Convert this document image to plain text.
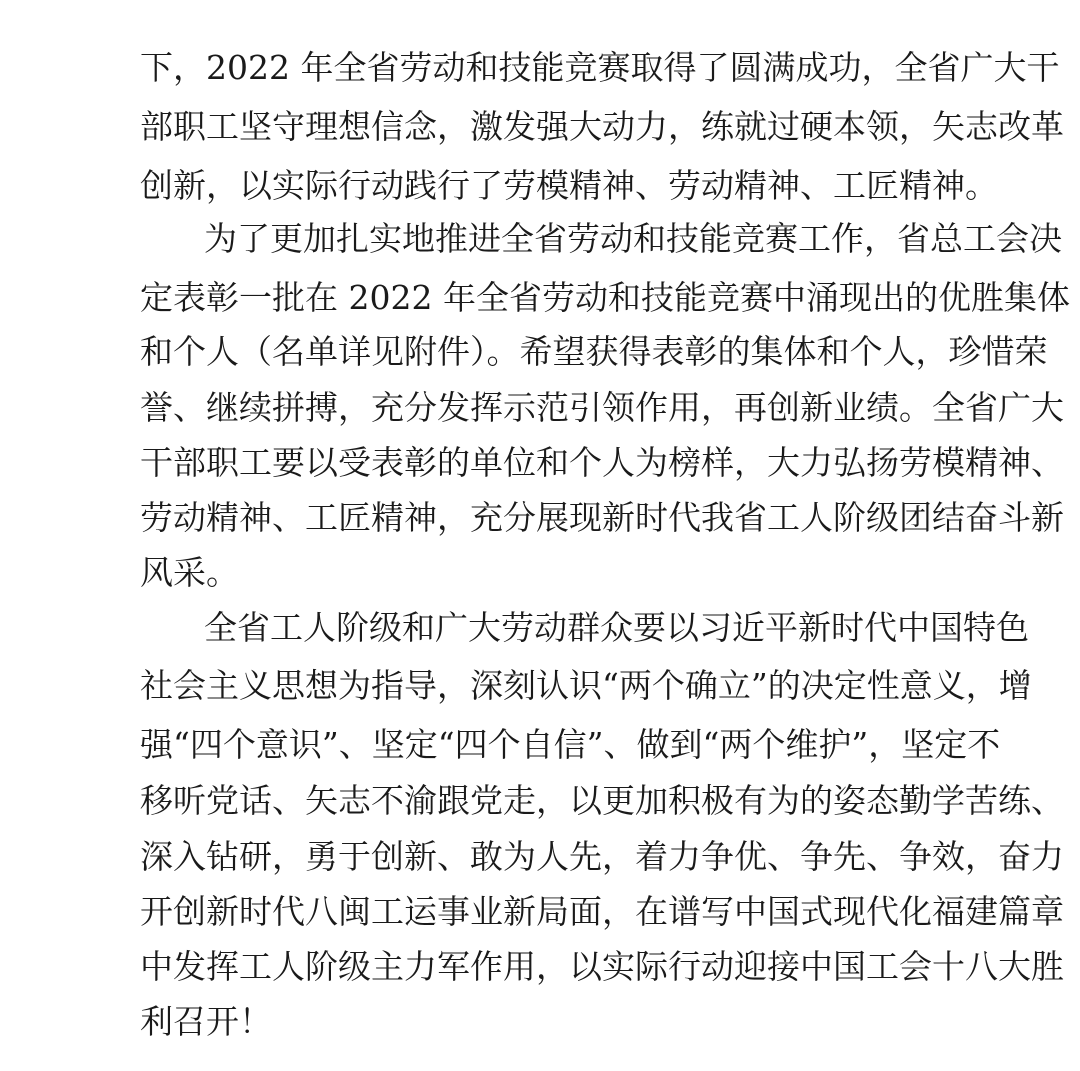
下，2022 年全省劳动和技能竞赛取得了圆满成功，全省广大干
部职工坚守理想信念，激发强大动力，练就过硬本领，矢志改革
创新，以实际行动践行了劳模精神、劳动精神、工匠精神。
为了更加扎实地推进全省劳动和技能竞赛工作，省总工会决
定表彰一批在 2022 年全省劳动和技能竞赛中涌现出的优胜集体
和个人（名单详见附件）。希望获得表彰的集体和个人，珍惜荣
誉、继续拼搏，充分发挥示范引领作用，再创新业绩。全省广大
干部职工要以受表彰的单位和个人为榜样，大力弘扬劳模精神、
劳动精神、工匠精神，充分展现新时代我省工人阶级团结奋斗新
风采。
全省工人阶级和广大劳动群众要以习近平新时代中国特色
社会主义思想为指导，深刻认识“两个确立”的决定性意义，增
强“四个意识”、坚定“四个自信”、做到“两个维护”，坚定不
移听党话、矢志不渝跟党走，以更加积极有为的姿态勤学苦练、
深入钻研，勇于创新、敢为人先，着力争优、争先、争效，奋力
开创新时代八闽工运事业新局面，在谱写中国式现代化福建篇章
中发挥工人阶级主力军作用，以实际行动迎接中国工会十八大胜
利召开！
